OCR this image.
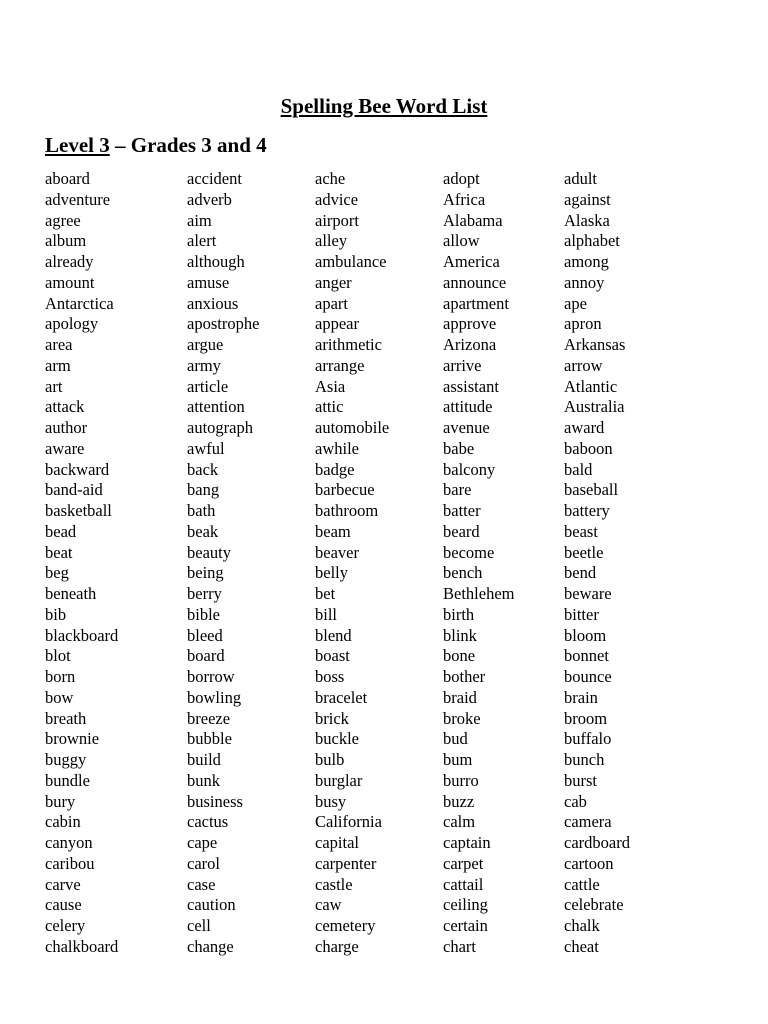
Spelling Bee Word List
Level 3 – Grades 3 and 4
aboard	accident	ache	adopt	adult
adventure	adverb	advice	Africa	against
agree	aim	airport	Alabama	Alaska
album	alert	alley	allow	alphabet
already	although	ambulance	America	among
amount	amuse	anger	announce	annoy
Antarctica	anxious	apart	apartment	ape
apology	apostrophe	appear	approve	apron
area	argue	arithmetic	Arizona	Arkansas
arm	army	arrange	arrive	arrow
art	article	Asia	assistant	Atlantic
attack	attention	attic	attitude	Australia
author	autograph	automobile	avenue	award
aware	awful	awhile	babe	baboon
backward	back	badge	balcony	bald
band-aid	bang	barbecue	bare	baseball
basketball	bath	bathroom	batter	battery
bead	beak	beam	beard	beast
beat	beauty	beaver	become	beetle
beg	being	belly	bench	bend
beneath	berry	bet	Bethlehem	beware
bib	bible	bill	birth	bitter
blackboard	bleed	blend	blink	bloom
blot	board	boast	bone	bonnet
born	borrow	boss	bother	bounce
bow	bowling	bracelet	braid	brain
breath	breeze	brick	broke	broom
brownie	bubble	buckle	bud	buffalo
buggy	build	bulb	bum	bunch
bundle	bunk	burglar	burro	burst
bury	business	busy	buzz	cab
cabin	cactus	California	calm	camera
canyon	cape	capital	captain	cardboard
caribou	carol	carpenter	carpet	cartoon
carve	case	castle	cattail	cattle
cause	caution	caw	ceiling	celebrate
celery	cell	cemetery	certain	chalk
chalkboard	change	charge	chart	cheat
